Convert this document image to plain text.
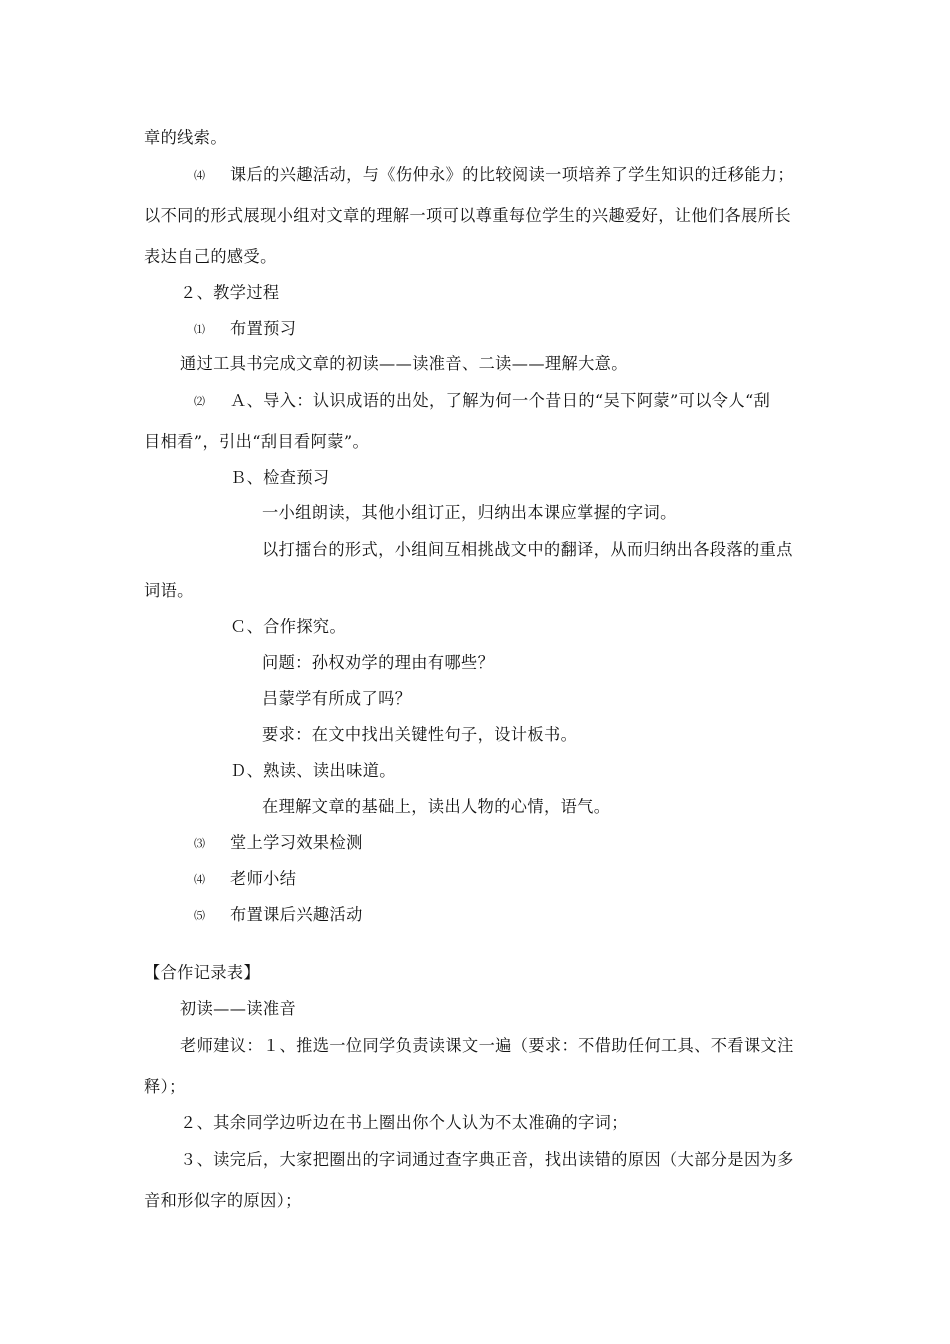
章的线索。

⑷ 课后的兴趣活动，与《伤仲永》的比较阅读一项培养了学生知识的迁移能力；

以不同的形式展现小组对文章的理解一项可以尊重每位学生的兴趣爱好，让他们各展所长

表达自己的感受。

２、教学过程

⑴ 布置预习

通过工具书完成文章的初读——读准音、二读——理解大意。

⑵ Ａ、导入：认识成语的出处，了解为何一个昔日的“吴下阿蒙”可以令人“刮

目相看”，引出“刮目看阿蒙”。

Ｂ、检查预习

一小组朗读，其他小组订正，归纳出本课应掌握的字词。

以打擂台的形式，小组间互相挑战文中的翻译，从而归纳出各段落的重点

词语。

Ｃ、合作探究。

问题：孙权劝学的理由有哪些？

吕蒙学有所成了吗？

要求：在文中找出关键性句子，设计板书。

Ｄ、熟读、读出味道。

在理解文章的基础上，读出人物的心情，语气。

⑶ 堂上学习效果检测

⑷ 老师小结

⑸ 布置课后兴趣活动

【合作记录表】

初读——读准音

老师建议：１、推选一位同学负责读课文一遍（要求：不借助任何工具、不看课文注

释）；

２、其余同学边听边在书上圈出你个人认为不太准确的字词；

３、读完后，大家把圈出的字词通过查字典正音，找出读错的原因（大部分是因为多

音和形似字的原因）；
